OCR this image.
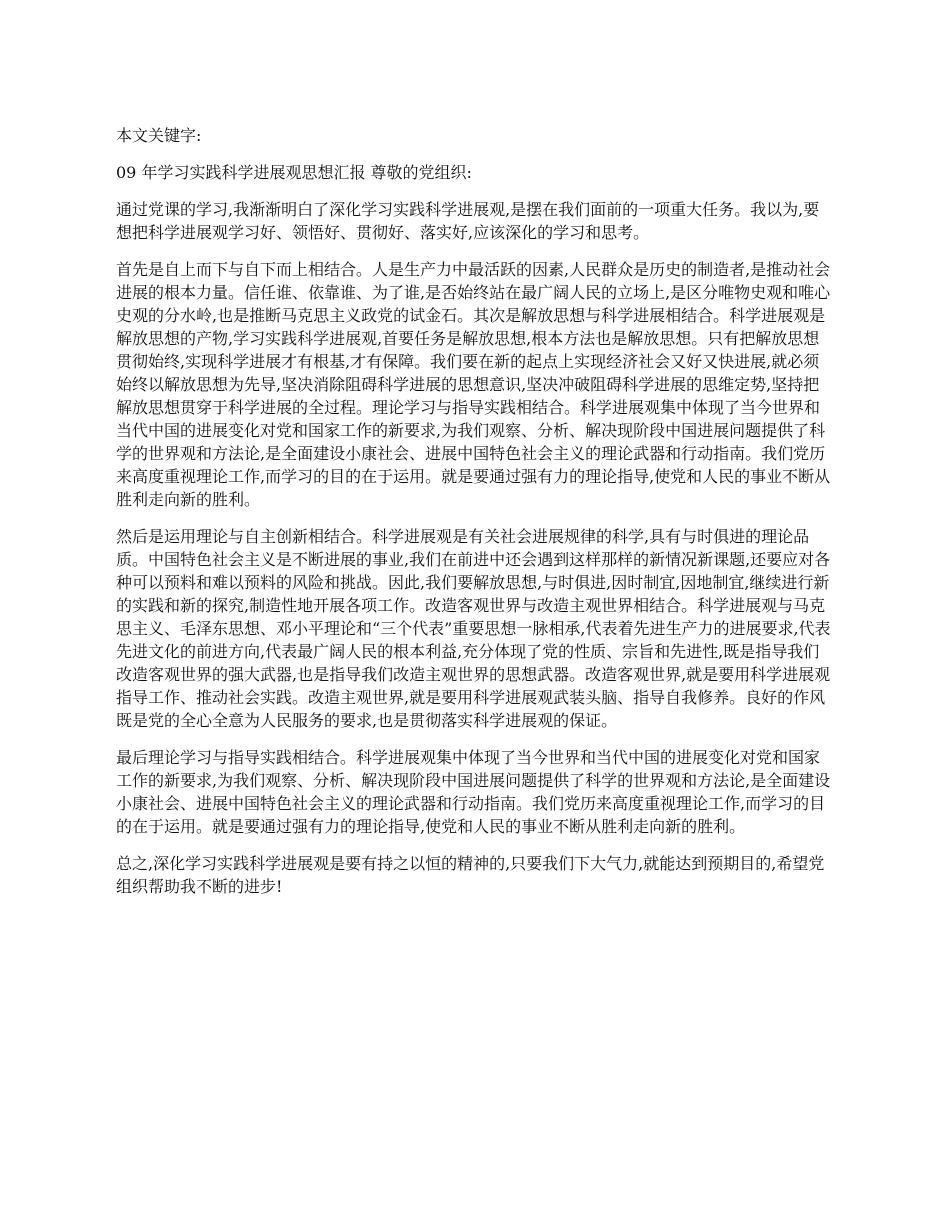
本文关键字:
09 年学习实践科学进展观思想汇报 尊敬的党组织:

通过党课的学习,我渐渐明白了深化学习实践科学进展观,是摆在我们面前的一项重大任务。我以为,要想把科学进展观学习好、领悟好、贯彻好、落实好,应该深化的学习和思考。

首先是自上而下与自下而上相结合。人是生产力中最活跃的因素,人民群众是历史的制造者,是推动社会进展的根本力量。信任谁、依靠谁、为了谁,是否始终站在最广阔人民的立场上,是区分唯物史观和唯心史观的分水岭,也是推断马克思主义政党的试金石。其次是解放思想与科学进展相结合。科学进展观是解放思想的产物,学习实践科学进展观,首要任务是解放思想,根本方法也是解放思想。只有把解放思想贯彻始终,实现科学进展才有根基,才有保障。我们要在新的起点上实现经济社会又好又快进展,就必须始终以解放思想为先导,坚决消除阻碍科学进展的思想意识,坚决冲破阻碍科学进展的思维定势,坚持把解放思想贯穿于科学进展的全过程。理论学习与指导实践相结合。科学进展观集中体现了当今世界和当代中国的进展变化对党和国家工作的新要求,为我们观察、分析、解决现阶段中国进展问题提供了科学的世界观和方法论,是全面建设小康社会、进展中国特色社会主义的理论武器和行动指南。我们党历来高度重视理论工作,而学习的目的在于运用。就是要通过强有力的理论指导,使党和人民的事业不断从胜利走向新的胜利。

然后是运用理论与自主创新相结合。科学进展观是有关社会进展规律的科学,具有与时俱进的理论品质。中国特色社会主义是不断进展的事业,我们在前进中还会遇到这样那样的新情况新课题,还要应对各种可以预料和难以预料的风险和挑战。因此,我们要解放思想,与时俱进,因时制宜,因地制宜,继续进行新的实践和新的探究,制造性地开展各项工作。改造客观世界与改造主观世界相结合。科学进展观与马克思主义、毛泽东思想、邓小平理论和“三个代表”重要思想一脉相承,代表着先进生产力的进展要求,代表先进文化的前进方向,代表最广阔人民的根本利益,充分体现了党的性质、宗旨和先进性,既是指导我们改造客观世界的强大武器,也是指导我们改造主观世界的思想武器。改造客观世界,就是要用科学进展观指导工作、推动社会实践。改造主观世界,就是要用科学进展观武装头脑、指导自我修养。良好的作风既是党的全心全意为人民服务的要求,也是贯彻落实科学进展观的保证。

最后理论学习与指导实践相结合。科学进展观集中体现了当今世界和当代中国的进展变化对党和国家工作的新要求,为我们观察、分析、解决现阶段中国进展问题提供了科学的世界观和方法论,是全面建设小康社会、进展中国特色社会主义的理论武器和行动指南。我们党历来高度重视理论工作,而学习的目的在于运用。就是要通过强有力的理论指导,使党和人民的事业不断从胜利走向新的胜利。

总之,深化学习实践科学进展观是要有持之以恒的精神的,只要我们下大气力,就能达到预期目的,希望党组织帮助我不断的进步!
